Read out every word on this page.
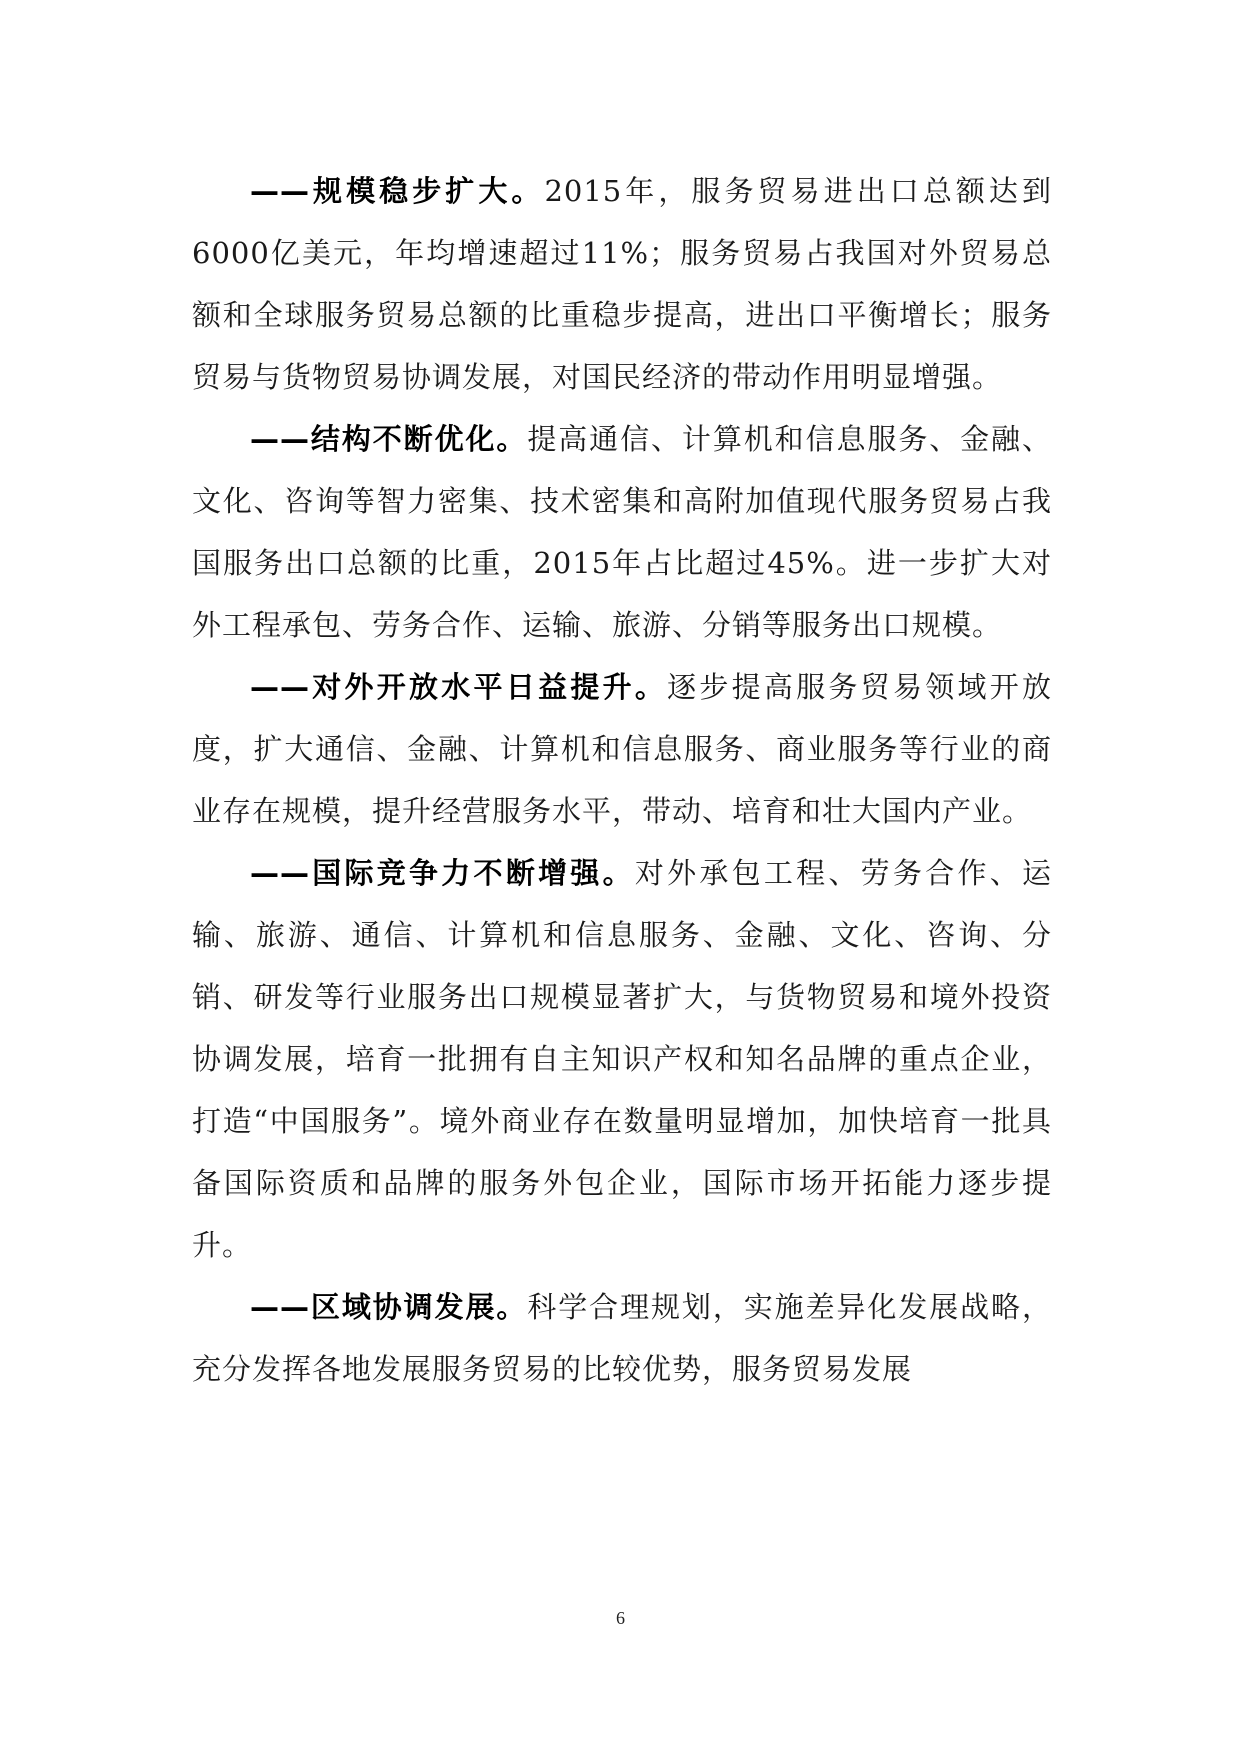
——规模稳步扩大。2015年，服务贸易进出口总额达到6000亿美元，年均增速超过11%；服务贸易占我国对外贸易总额和全球服务贸易总额的比重稳步提高，进出口平衡增长；服务贸易与货物贸易协调发展，对国民经济的带动作用明显增强。

——结构不断优化。提高通信、计算机和信息服务、金融、文化、咨询等智力密集、技术密集和高附加值现代服务贸易占我国服务出口总额的比重，2015年占比超过45%。进一步扩大对外工程承包、劳务合作、运输、旅游、分销等服务出口规模。

——对外开放水平日益提升。逐步提高服务贸易领域开放度，扩大通信、金融、计算机和信息服务、商业服务等行业的商业存在规模，提升经营服务水平，带动、培育和壮大国内产业。

——国际竞争力不断增强。对外承包工程、劳务合作、运输、旅游、通信、计算机和信息服务、金融、文化、咨询、分销、研发等行业服务出口规模显著扩大，与货物贸易和境外投资协调发展，培育一批拥有自主知识产权和知名品牌的重点企业，打造“中国服务”。境外商业存在数量明显增加，加快培育一批具备国际资质和品牌的服务外包企业，国际市场开拓能力逐步提升。

——区域协调发展。科学合理规划，实施差异化发展战略，充分发挥各地发展服务贸易的比较优势，服务贸易发展

6
